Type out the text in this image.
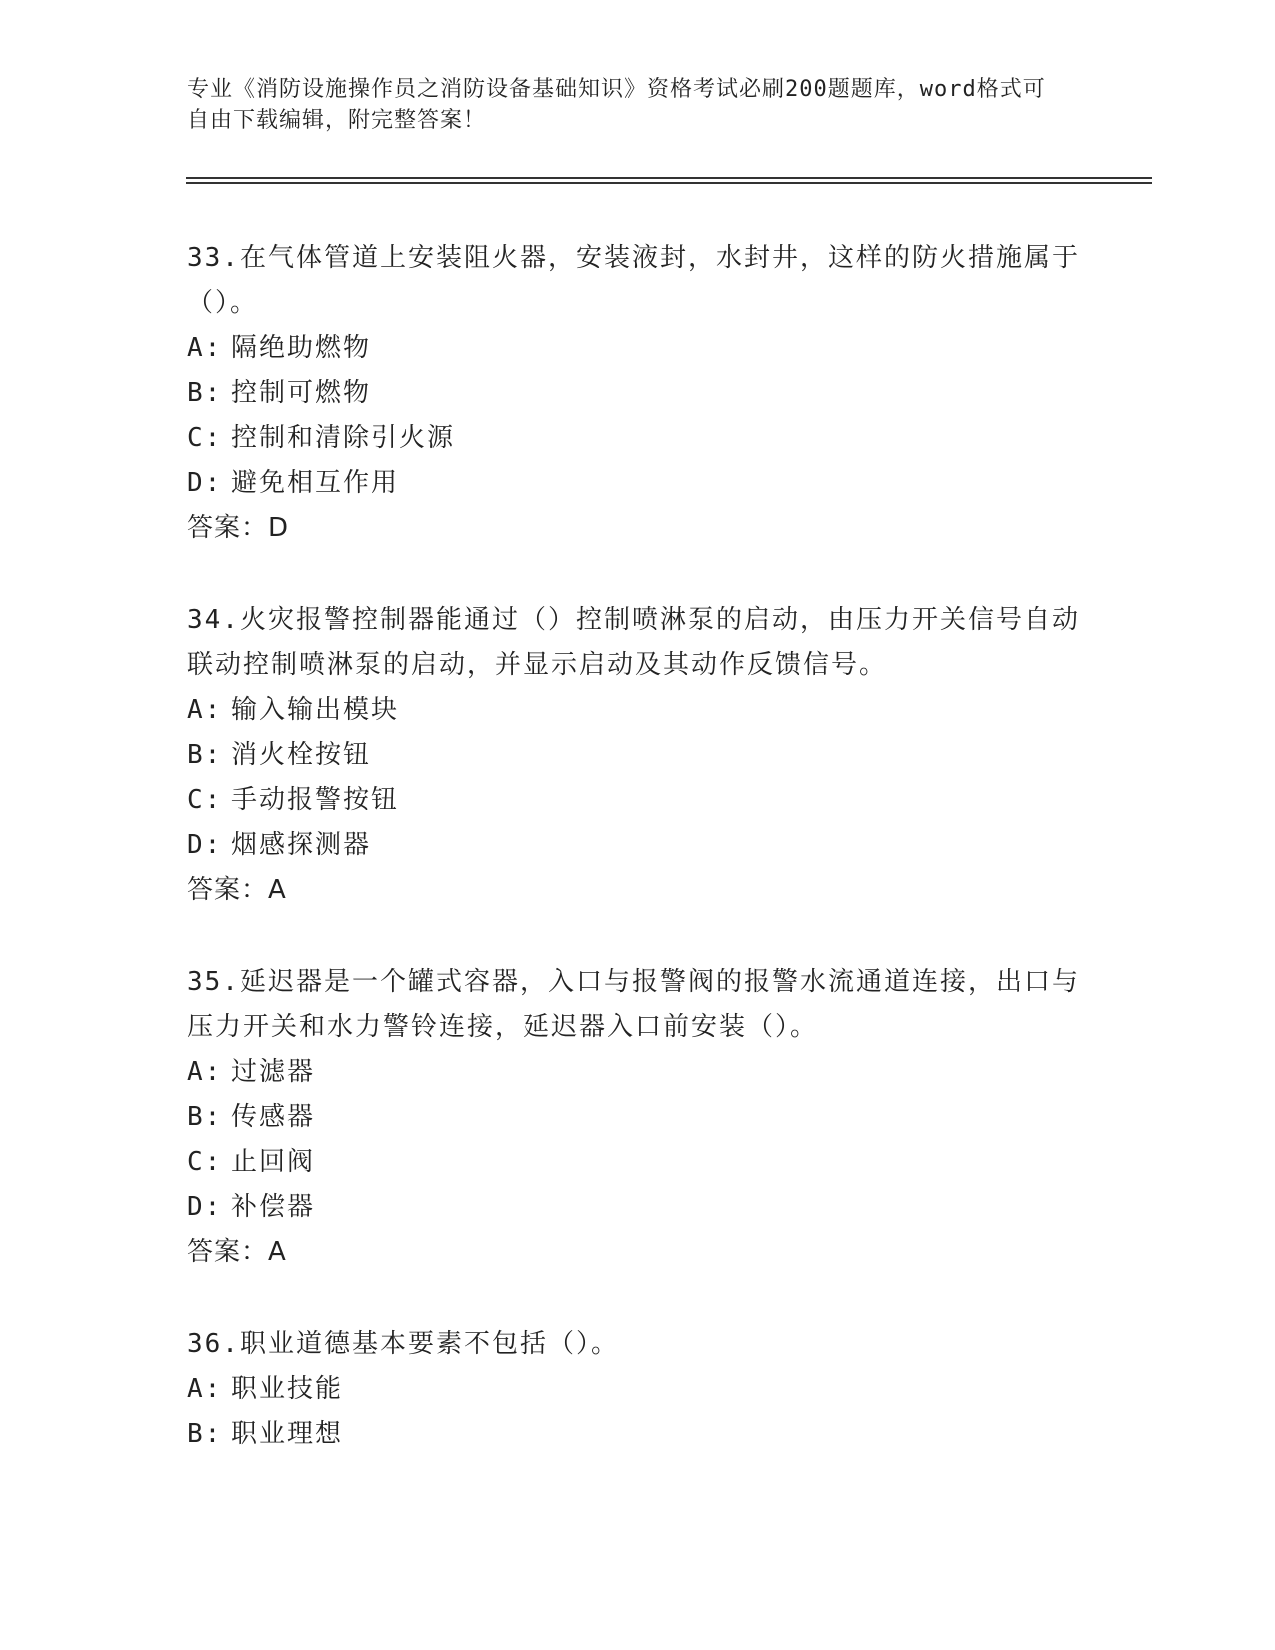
专业《消防设施操作员之消防设备基础知识》资格考试必刷200题题库，word格式可自由下载编辑，附完整答案！
33.在气体管道上安装阻火器，安装液封，水封井，这样的防火措施属于（）。
A: 隔绝助燃物
B: 控制可燃物
C: 控制和清除引火源
D: 避免相互作用
答案：D
34.火灾报警控制器能通过（）控制喷淋泵的启动，由压力开关信号自动联动控制喷淋泵的启动，并显示启动及其动作反馈信号。
A: 输入输出模块
B: 消火栓按钮
C: 手动报警按钮
D: 烟感探测器
答案：A
35.延迟器是一个罐式容器，入口与报警阀的报警水流通道连接，出口与压力开关和水力警铃连接，延迟器入口前安装（）。
A: 过滤器
B: 传感器
C: 止回阀
D: 补偿器
答案：A
36.职业道德基本要素不包括（）。
A: 职业技能
B: 职业理想
